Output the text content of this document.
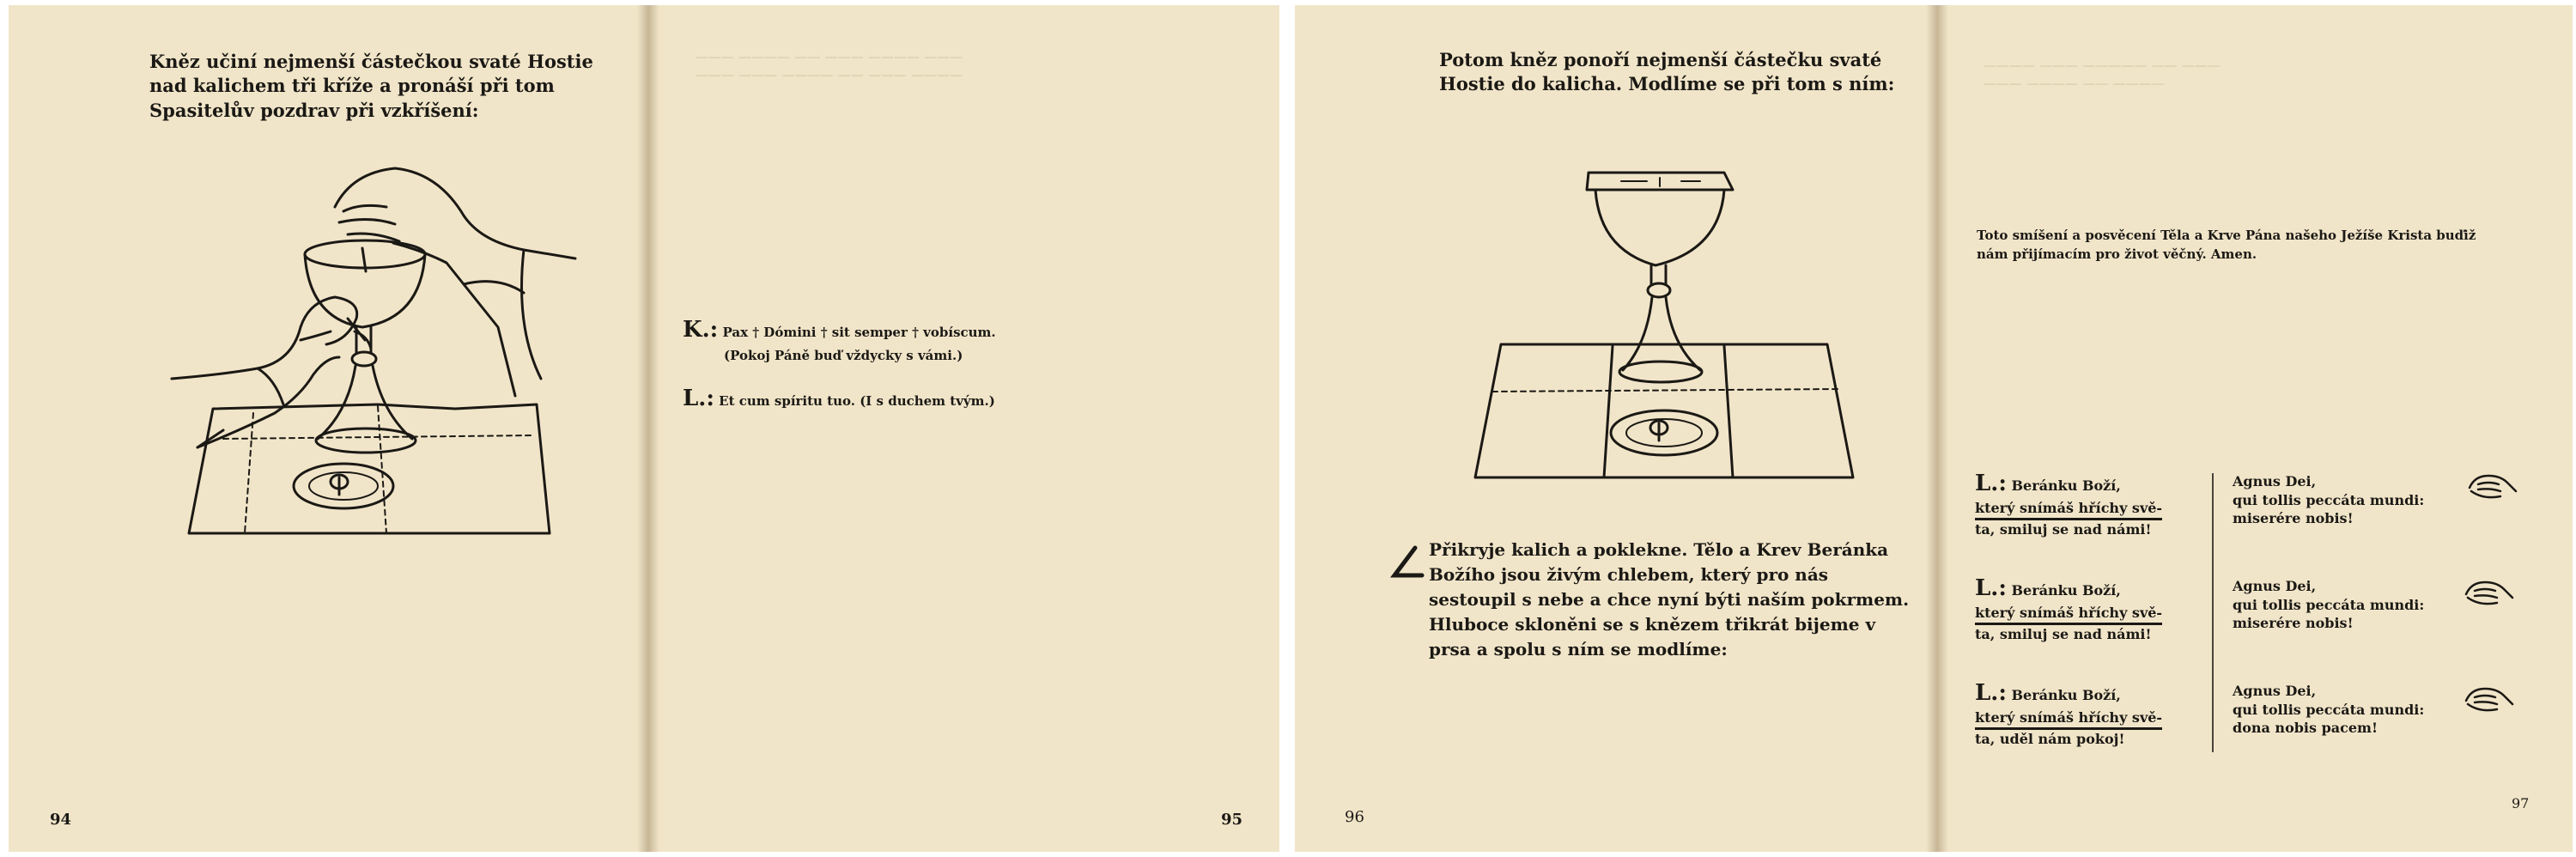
Kněz učiní nejmenší částečkou svaté Hostie nad kalichem tři kříže a pronáší při tom Spasitelův pozdrav při vzkříšení:
94
——— ———— —— ——— ———— ———
——— ——— ———— —— ——— ————
K.: Pax † Dómini † sit semper † vobíscum.
(Pokoj Páně buď vždycky s vámi.)
L.: Et cum spíritu tuo. (I s duchem tvým.)
95
Potom kněz ponoří nejmenší částečku svaté Hostie do kalicha. Modlíme se při tom s ním:
Přikryje kalich a poklekne. Tělo a Krev Beránka Božího jsou živým chlebem, který pro nás sestoupil s nebe a chce nyní býti naším pokrmem. Hluboce skloněni se s knězem třikrát bijeme v prsa a spolu s ním se modlíme:
96
———— ——— ————— —— ———
——— ———— —— ————
Toto smíšení a posvěcení Těla a Krve Pána našeho Ježíše Krista buďiž nám přijímacím pro život věčný. Amen.
L.: Beránku Boží,
který snímáš hříchy svě-
ta, smiluj se nad námi!
L.: Beránku Boží,
který snímáš hříchy svě-
ta, smiluj se nad námi!
L.: Beránku Boží,
který snímáš hříchy svě-
ta, uděl nám pokoj!
Agnus Dei,
qui tollis peccáta mundi:
miserére nobis!
Agnus Dei,
qui tollis peccáta mundi:
miserére nobis!
Agnus Dei,
qui tollis peccáta mundi:
dona nobis pacem!
97
